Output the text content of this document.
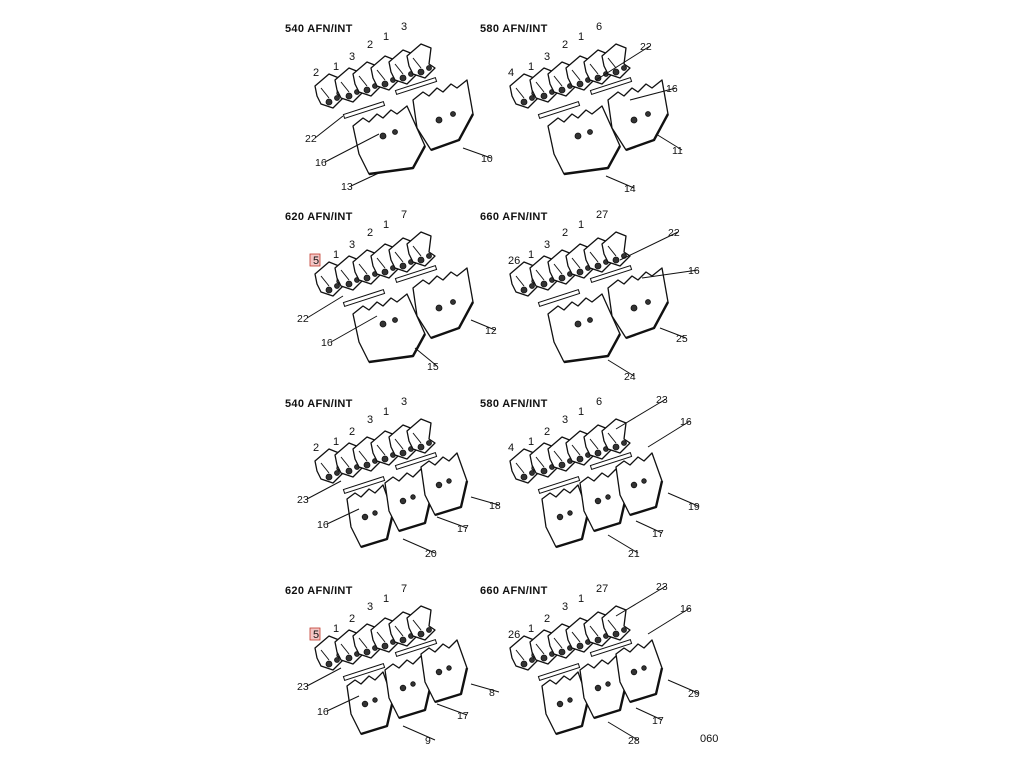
540 AFN/INT
2 1
3
2
1
3
22
16
13
10
580 AFN/INT
4 1
3
2
1
6
22
16
11
14
620 AFN/INT
5 1
3
2
1
7
22
16
15
12
660 AFN/INT
26 1
3
2
1
27
22
16
24
25
540 AFN/INT
2 1
2
3
1
3
23
16
20
17
18
580 AFN/INT
4 1
2
3
1
6	23
16
21
17
19
620 AFN/INT
5 1
2
3
1
7
23
16
9
17
8
660 AFN/INT
26 1
2
3
1
27	23
16
28
17
29
060
